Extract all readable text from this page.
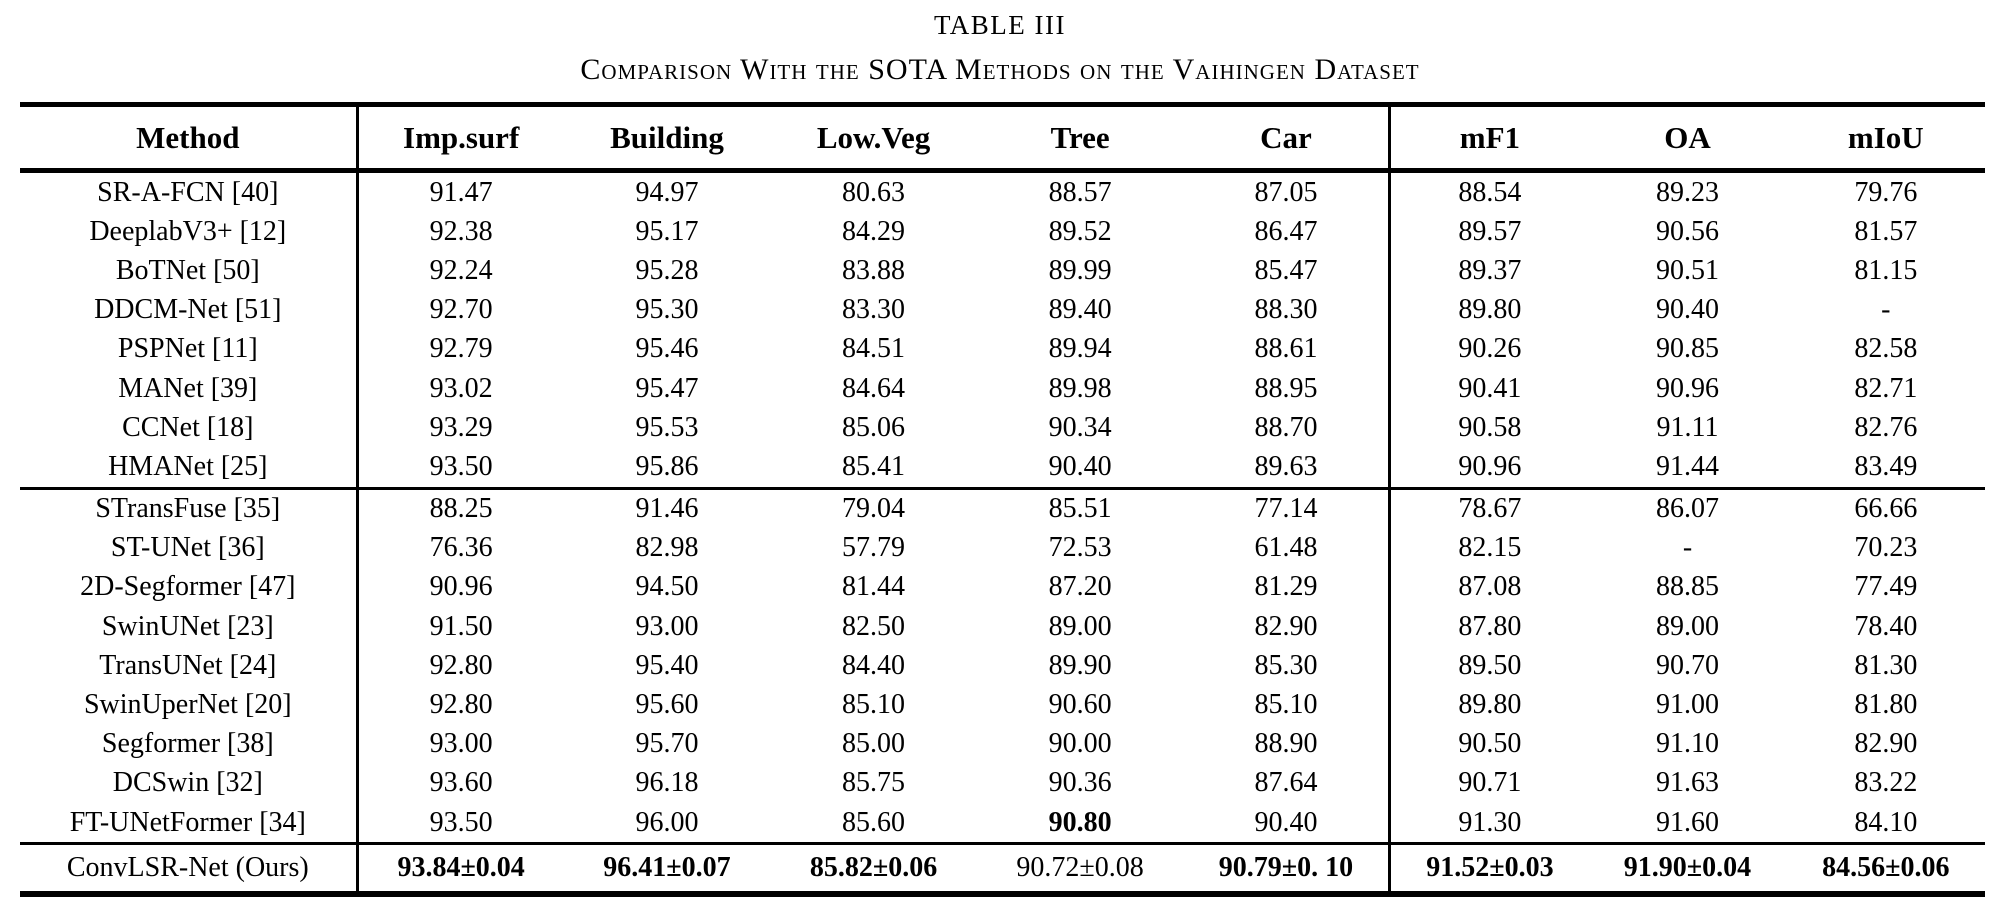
TABLE III
Comparison With the SOTA Methods on the Vaihingen Dataset
Method	Imp.surf	Building	Low.Veg	Tree	Car	mF1	OA	mIoU
SR-A-FCN [40]	91.47	94.97	80.63	88.57	87.05	88.54	89.23	79.76
DeeplabV3+ [12]	92.38	95.17	84.29	89.52	86.47	89.57	90.56	81.57
BoTNet [50]	92.24	95.28	83.88	89.99	85.47	89.37	90.51	81.15
DDCM-Net [51]	92.70	95.30	83.30	89.40	88.30	89.80	90.40	-
PSPNet [11]	92.79	95.46	84.51	89.94	88.61	90.26	90.85	82.58
MANet [39]	93.02	95.47	84.64	89.98	88.95	90.41	90.96	82.71
CCNet [18]	93.29	95.53	85.06	90.34	88.70	90.58	91.11	82.76
HMANet [25]	93.50	95.86	85.41	90.40	89.63	90.96	91.44	83.49
STransFuse [35]	88.25	91.46	79.04	85.51	77.14	78.67	86.07	66.66
ST-UNet [36]	76.36	82.98	57.79	72.53	61.48	82.15	-	70.23
2D-Segformer [47]	90.96	94.50	81.44	87.20	81.29	87.08	88.85	77.49
SwinUNet [23]	91.50	93.00	82.50	89.00	82.90	87.80	89.00	78.40
TransUNet [24]	92.80	95.40	84.40	89.90	85.30	89.50	90.70	81.30
SwinUperNet [20]	92.80	95.60	85.10	90.60	85.10	89.80	91.00	81.80
Segformer [38]	93.00	95.70	85.00	90.00	88.90	90.50	91.10	82.90
DCSwin [32]	93.60	96.18	85.75	90.36	87.64	90.71	91.63	83.22
FT-UNetFormer [34]	93.50	96.00	85.60	90.80	90.40	91.30	91.60	84.10
ConvLSR-Net (Ours)	93.84±0.04	96.41±0.07	85.82±0.06	90.72±0.08	90.79±0. 10	91.52±0.03	91.90±0.04	84.56±0.06
